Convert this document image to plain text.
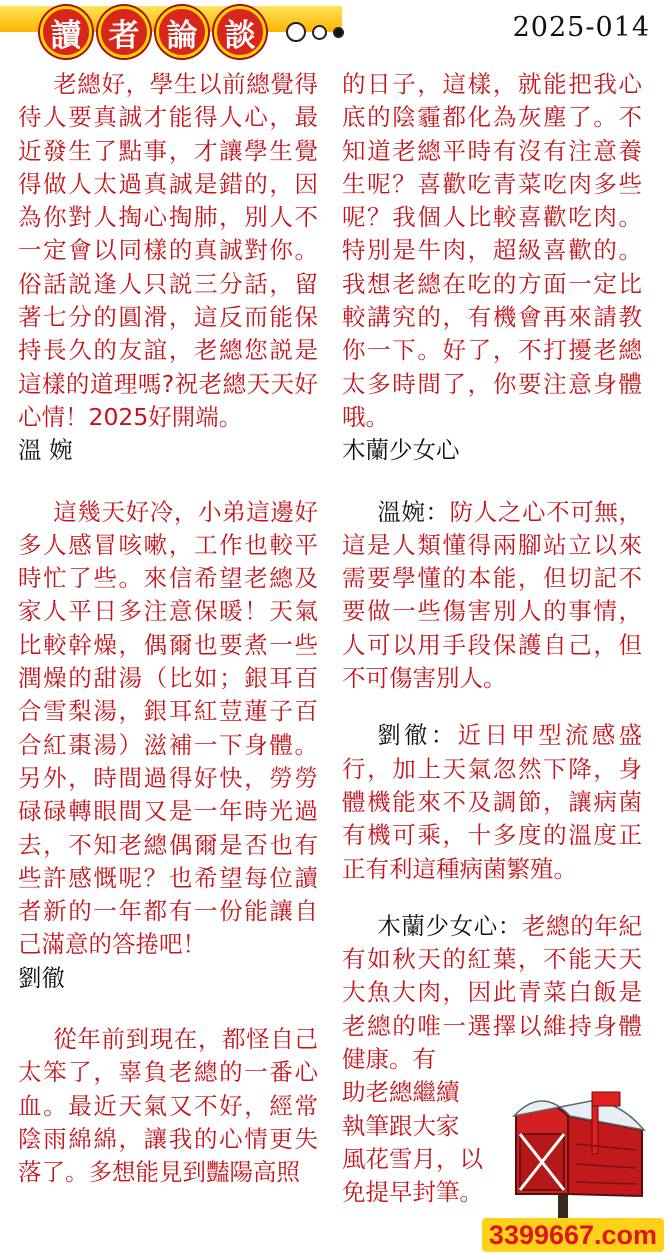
讀 者 論 談	2025-014

老總好，學生以前總覺得待人要真誠才能得人心，最近發生了點事，才讓學生覺得做人太過真誠是錯的，因為你對人掏心掏肺，別人不一定會以同樣的真誠對你。俗話説逢人只説三分話，留著七分的圓滑，這反而能保持長久的友誼，老總您説是這樣的道理嗎?祝老總天天好心情！2025好開端。

溫 婉

這幾天好冷，小弟這邊好多人感冒咳嗽，工作也較平時忙了些。來信希望老總及家人平日多注意保暖！天氣比較幹燥，偶爾也要煮一些潤燥的甜湯（比如；銀耳百合雪梨湯，銀耳紅荳蓮子百合紅棗湯）滋補一下身體。另外，時間過得好快，勞勞碌碌轉眼間又是一年時光過去，不知老總偶爾是否也有些許感慨呢？也希望每位讀者新的一年都有一份能讓自己滿意的答捲吧！

劉徹

從年前到現在，都怪自己太笨了，辜負老總的一番心血。最近天氣又不好，經常陰雨綿綿，讓我的心情更失落了。多想能見到豔陽高照

的日子，這樣，就能把我心底的陰霾都化為灰塵了。不知道老總平時有沒有注意養生呢？喜歡吃青菜吃肉多些呢？我個人比較喜歡吃肉。特別是牛肉，超級喜歡的。我想老總在吃的方面一定比較講究的，有機會再來請教你一下。好了，不打擾老總太多時間了，你要注意身體哦。

木蘭少女心

溫婉：防人之心不可無，這是人類懂得兩腳站立以來需要學懂的本能，但切記不要做一些傷害別人的事情，人可以用手段保護自己，但不可傷害別人。

劉徹：近日甲型流感盛行，加上天氣忽然下降，身體機能來不及調節，讓病菌有機可乘，十多度的溫度正正有利這種病菌繁殖。

木蘭少女心：老總的年紀有如秋天的紅葉，不能天天大魚大肉，因此青菜白飯是老總的唯一選擇以維持身體健康。有

助老總繼續
執筆跟大家
風花雪月，以
免提早封筆。
3399667.com
